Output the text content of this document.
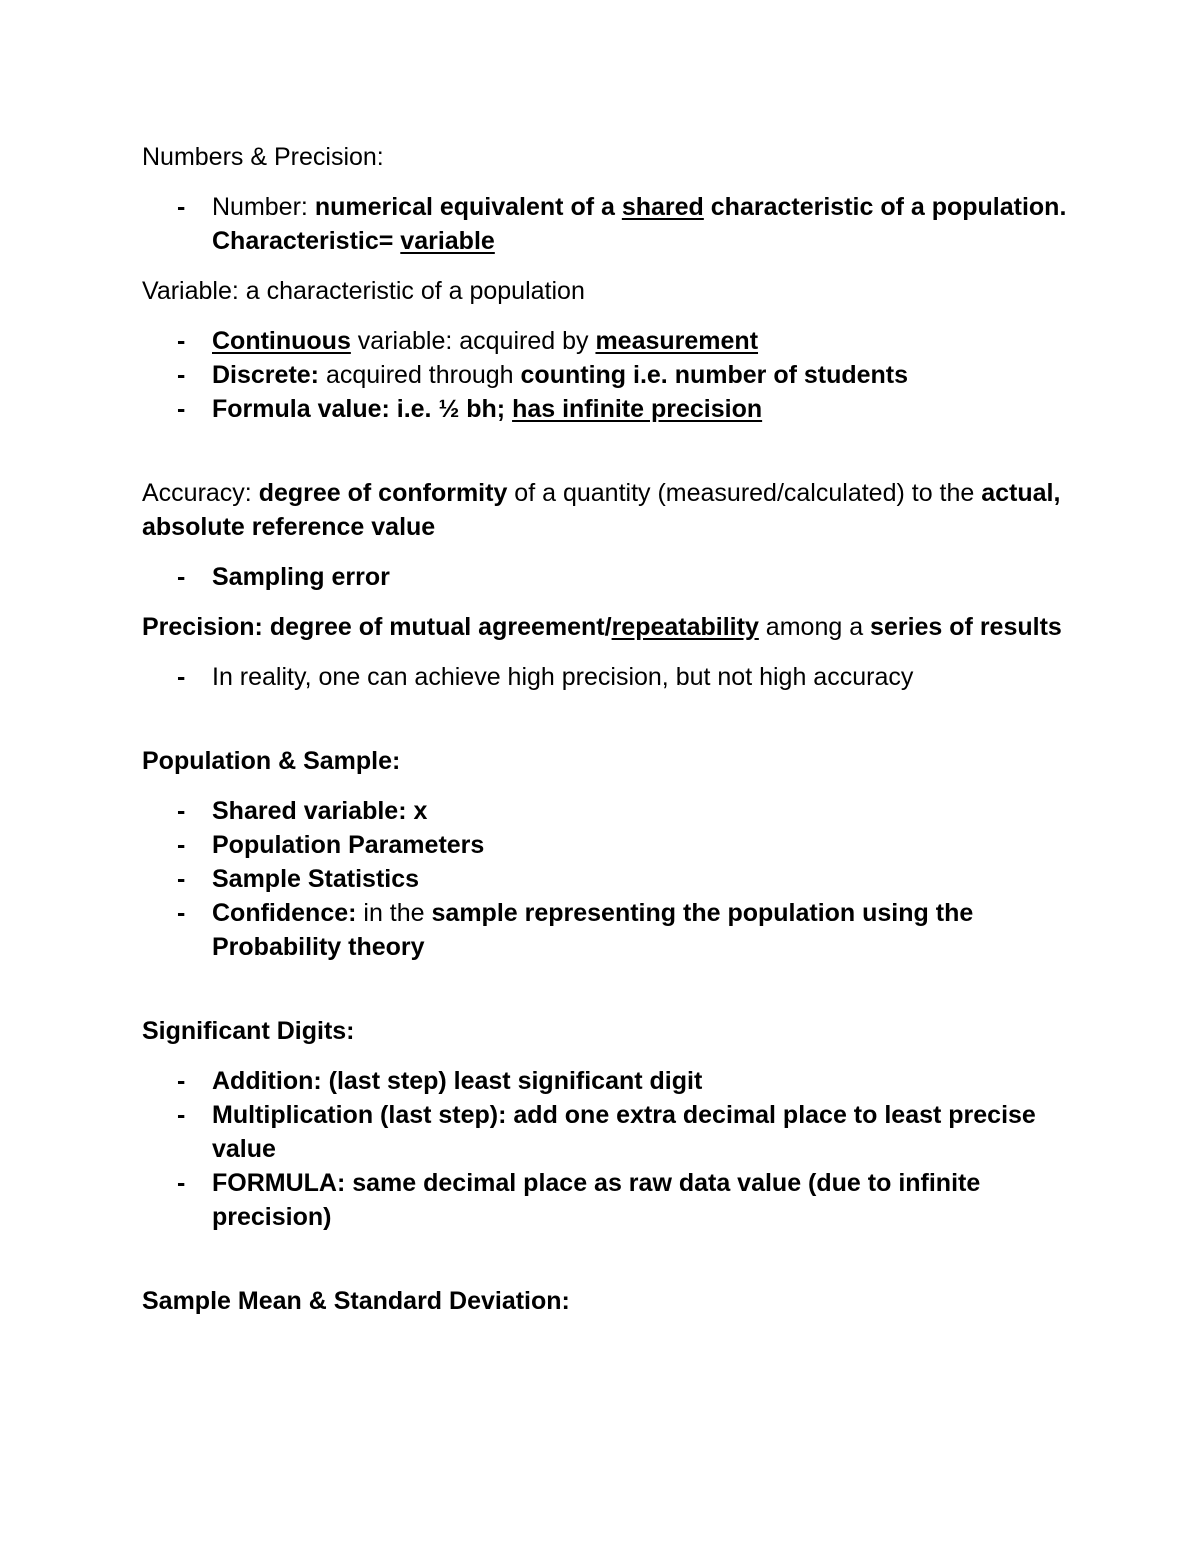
Numbers & Precision:

- Number: numerical equivalent of a shared characteristic of a population. Characteristic= variable

Variable: a characteristic of a population

- Continuous variable: acquired by measurement
- Discrete: acquired through counting i.e. number of students
- Formula value: i.e. ½ bh; has infinite precision

Accuracy: degree of conformity of a quantity (measured/calculated) to the actual, absolute reference value

- Sampling error

Precision: degree of mutual agreement/repeatability among a series of results

- In reality, one can achieve high precision, but not high accuracy

Population & Sample:

- Shared variable: x
- Population Parameters
- Sample Statistics
- Confidence: in the sample representing the population using the Probability theory

Significant Digits:

- Addition: (last step) least significant digit
- Multiplication (last step): add one extra decimal place to least precise value
- FORMULA: same decimal place as raw data value (due to infinite precision)

Sample Mean & Standard Deviation:
